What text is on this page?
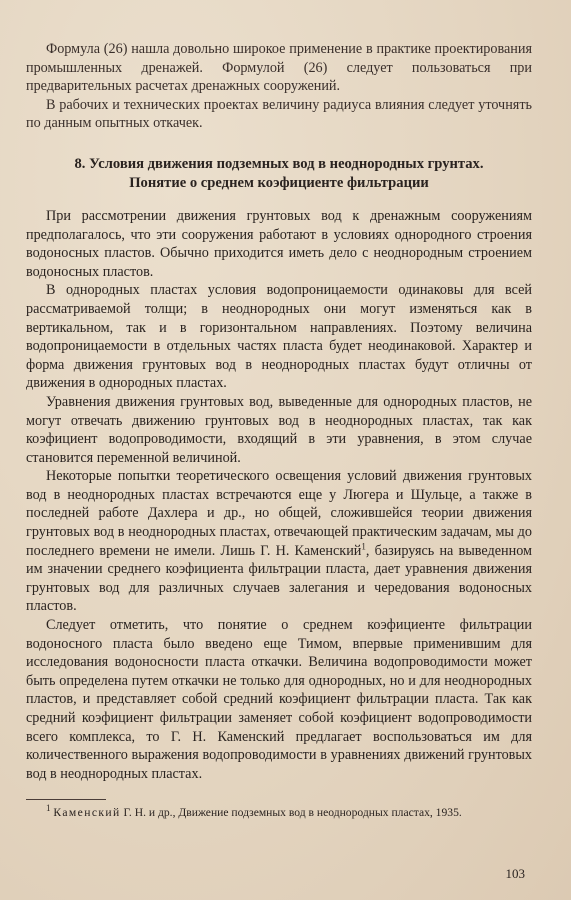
Формула (26) нашла довольно широкое применение в практике проектирования промышленных дренажей. Формулой (26) следует пользоваться при предварительных расчетах дренажных сооружений.

В рабочих и технических проектах величину радиуса влияния следует уточнять по данным опытных откачек.

8. Условия движения подземных вод в неоднородных грунтах.
Понятие о среднем коэфициенте фильтрации

При рассмотрении движения грунтовых вод к дренажным сооружениям предполагалось, что эти сооружения работают в условиях однородного строения водоносных пластов. Обычно приходится иметь дело с неоднородным строением водоносных пластов.

В однородных пластах условия водопроницаемости одинаковы для всей рассматриваемой толщи; в неоднородных они могут изменяться как в вертикальном, так и в горизонтальном направлениях. Поэтому величина водопроницаемости в отдельных частях пласта будет неодинаковой. Характер и форма движения грунтовых вод в неоднородных пластах будут отличны от движения в однородных пластах.

Уравнения движения грунтовых вод, выведенные для однородных пластов, не могут отвечать движению грунтовых вод в неоднородных пластах, так как коэфициент водопроводимости, входящий в эти уравнения, в этом случае становится переменной величиной.

Некоторые попытки теоретического освещения условий движения грунтовых вод в неоднородных пластах встречаются еще у Люгера и Шульце, а также в последней работе Дахлера и др., но общей, сложившейся теории движения грунтовых вод в неоднородных пластах, отвечающей практическим задачам, мы до последнего времени не имели. Лишь Г. Н. Каменский$^1$, базируясь на выведенном им значении среднего коэфициента фильтрации пласта, дает уравнения движения грунтовых вод для различных случаев залегания и чередования водоносных пластов.

Следует отметить, что понятие о среднем коэфициенте фильтрации водоносного пласта было введено еще Тимом, впервые применившим для исследования водоносности пласта откачки. Величина водопроводимости может быть определена путем откачки не только для однородных, но и для неоднородных пластов, и представляет собой средний коэфициент фильтрации пласта. Так как средний коэфициент фильтрации заменяет собой коэфициент водопроводимости всего комплекса, то Г. Н. Каменский предлагает воспользоваться им для количественного выражения водопроводимости в уравнениях движений грунтовых вод в неоднородных пластах.

$^1$ Каменский Г. Н. и др., Движение подземных вод в неоднородных пластах, 1935.
103
